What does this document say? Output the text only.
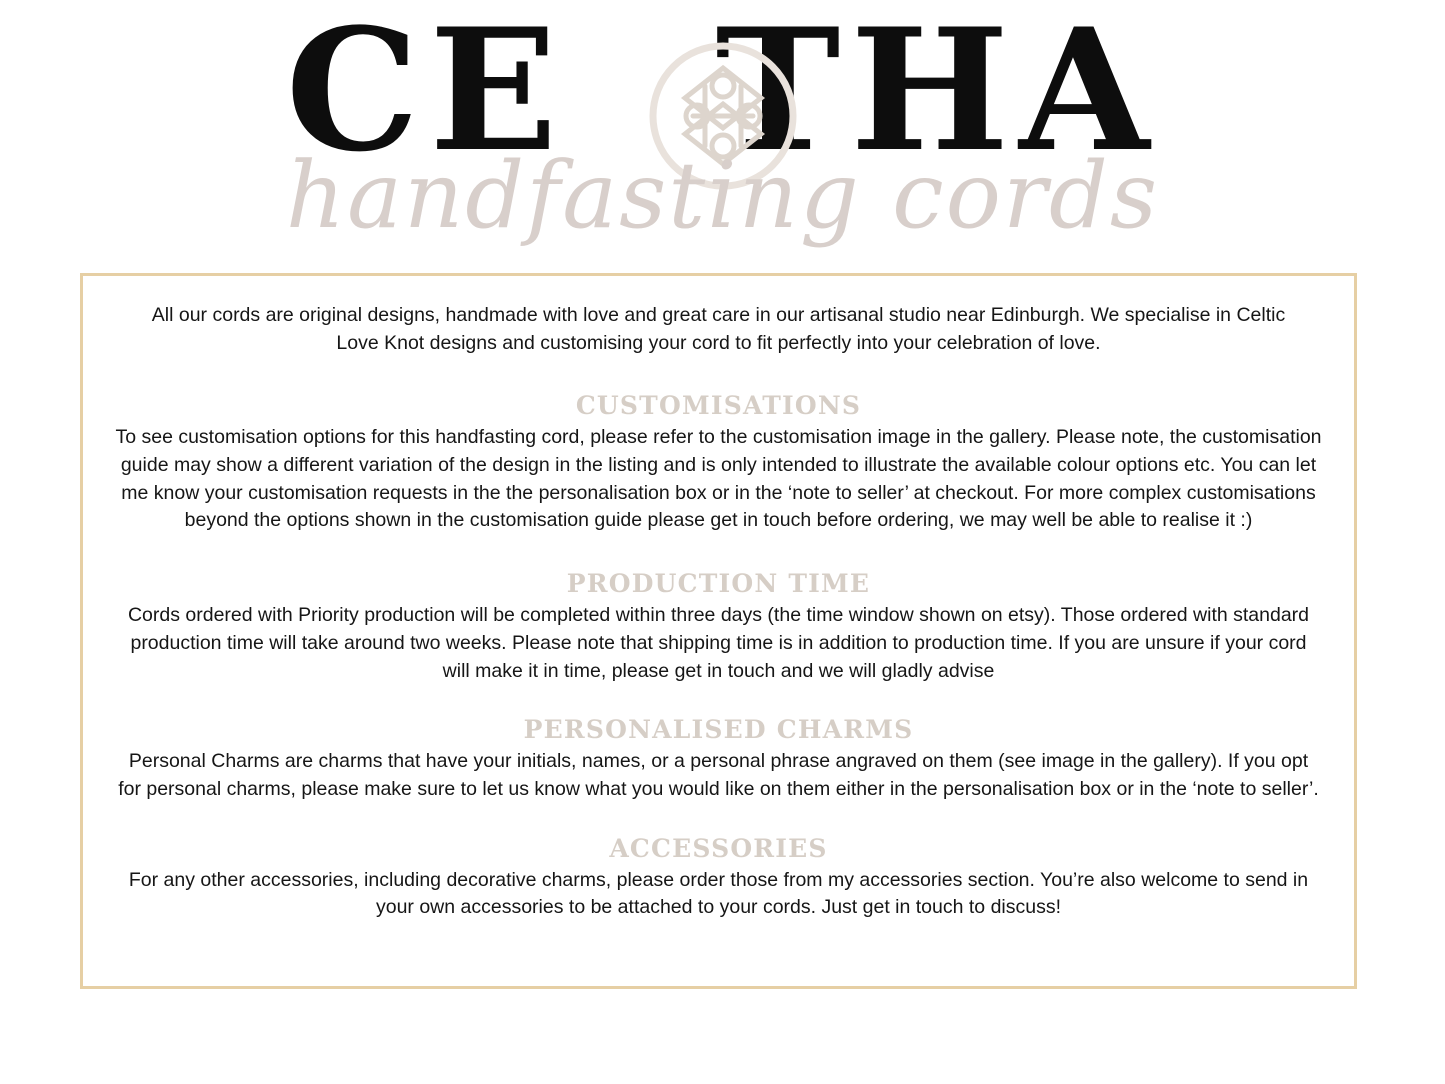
CE THA
handfasting cords
All our cords are original designs, handmade with love and great care in our artisanal studio near Edinburgh. We specialise in Celtic Love Knot designs and customising your cord to fit perfectly into your celebration of love.
CUSTOMISATIONS
To see customisation options for this handfasting cord, please refer to the customisation image in the gallery. Please note, the customisation guide may show a different variation of the design in the listing and is only intended to illustrate the available colour options etc. You can let me know your customisation requests in the the personalisation box or in the ‘note to seller’ at checkout. For more complex customisations beyond the options shown in the customisation guide please get in touch before ordering, we may well be able to realise it :)
PRODUCTION TIME
Cords ordered with Priority production will be completed within three days (the time window shown on etsy). Those ordered with standard production time will take around two weeks. Please note that shipping time is in addition to production time. If you are unsure if your cord will make it in time, please get in touch and we will gladly advise
PERSONALISED CHARMS
Personal Charms are charms that have your initials, names, or a personal phrase angraved on them (see image in the gallery). If you opt for personal charms, please make sure to let us know what you would like on them either in the personalisation box or in the ‘note to seller’.
ACCESSORIES
For any other accessories, including decorative charms, please order those from my accessories section. You’re also welcome to send in your own accessories to be attached to your cords. Just get in touch to discuss!
